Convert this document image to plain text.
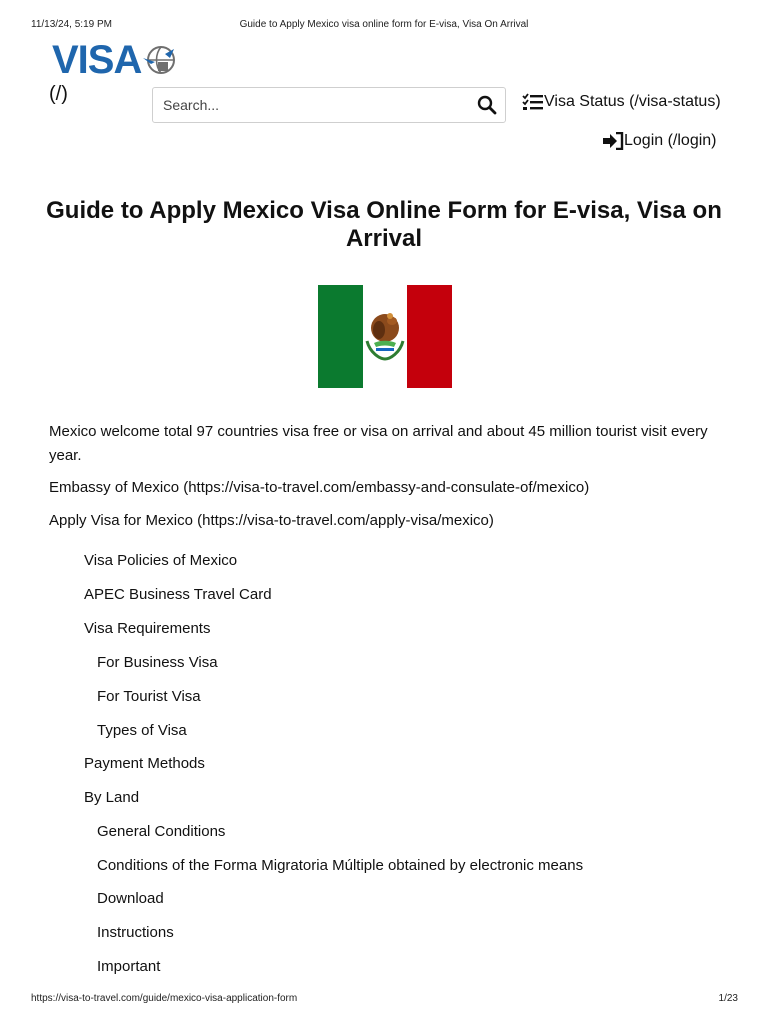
11/13/24, 5:19 PM	Guide to Apply Mexico visa online form for E-visa, Visa On Arrival
VISA
(/)
Search...	Visa Status (/visa-status)
Login (/login)
Guide to Apply Mexico Visa Online Form for E-visa, Visa on Arrival
Mexico welcome total 97 countries visa free or visa on arrival and about 45 million tourist visit every year.
Embassy of Mexico (https://visa-to-travel.com/embassy-and-consulate-of/mexico)
Apply Visa for Mexico (https://visa-to-travel.com/apply-visa/mexico)
Visa Policies of Mexico
APEC Business Travel Card
Visa Requirements
For Business Visa
For Tourist Visa
Types of Visa
Payment Methods
By Land
General Conditions
Conditions of the Forma Migratoria Múltiple obtained by electronic means
Download
Instructions
Important
https://visa-to-travel.com/guide/mexico-visa-application-form	1/23
